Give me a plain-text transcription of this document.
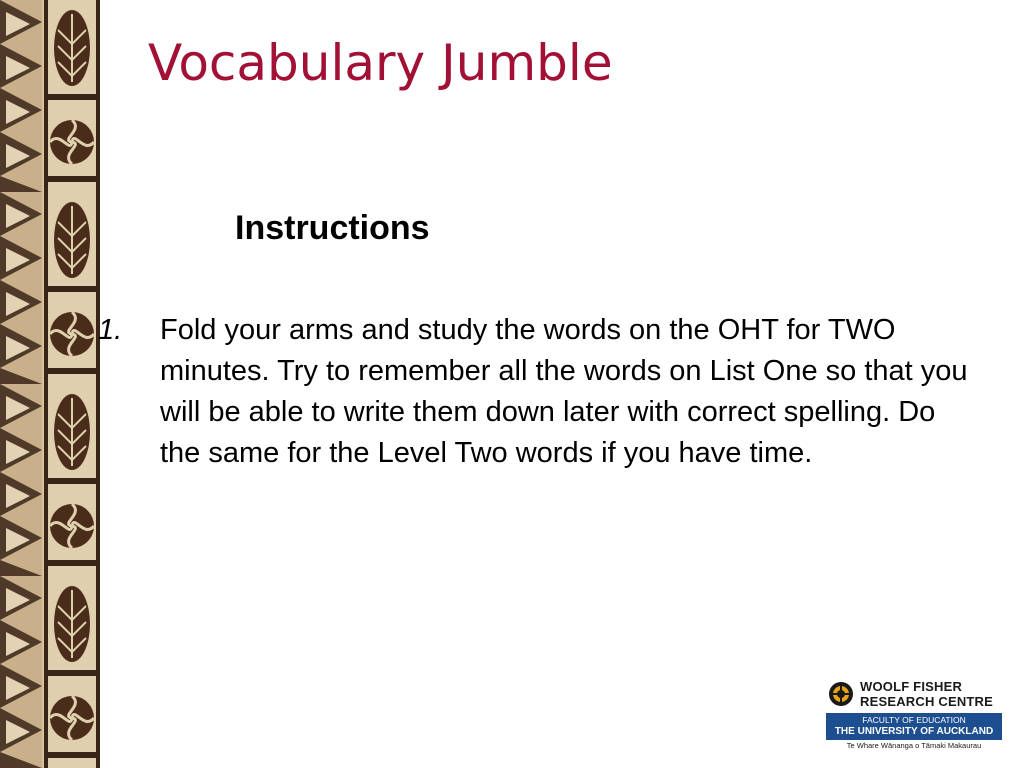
Vocabulary Jumble
Instructions
1. Fold your arms and study the words on the OHT for TWO minutes. Try to remember all the words on List One so that you will be able to write them down later with correct spelling. Do the same for the Level Two words if you have time.
WOOLF FISHER
RESEARCH CENTRE
FACULTY OF EDUCATION
THE UNIVERSITY OF AUCKLAND
Te Whare Wānanga o Tāmaki Makaurau
